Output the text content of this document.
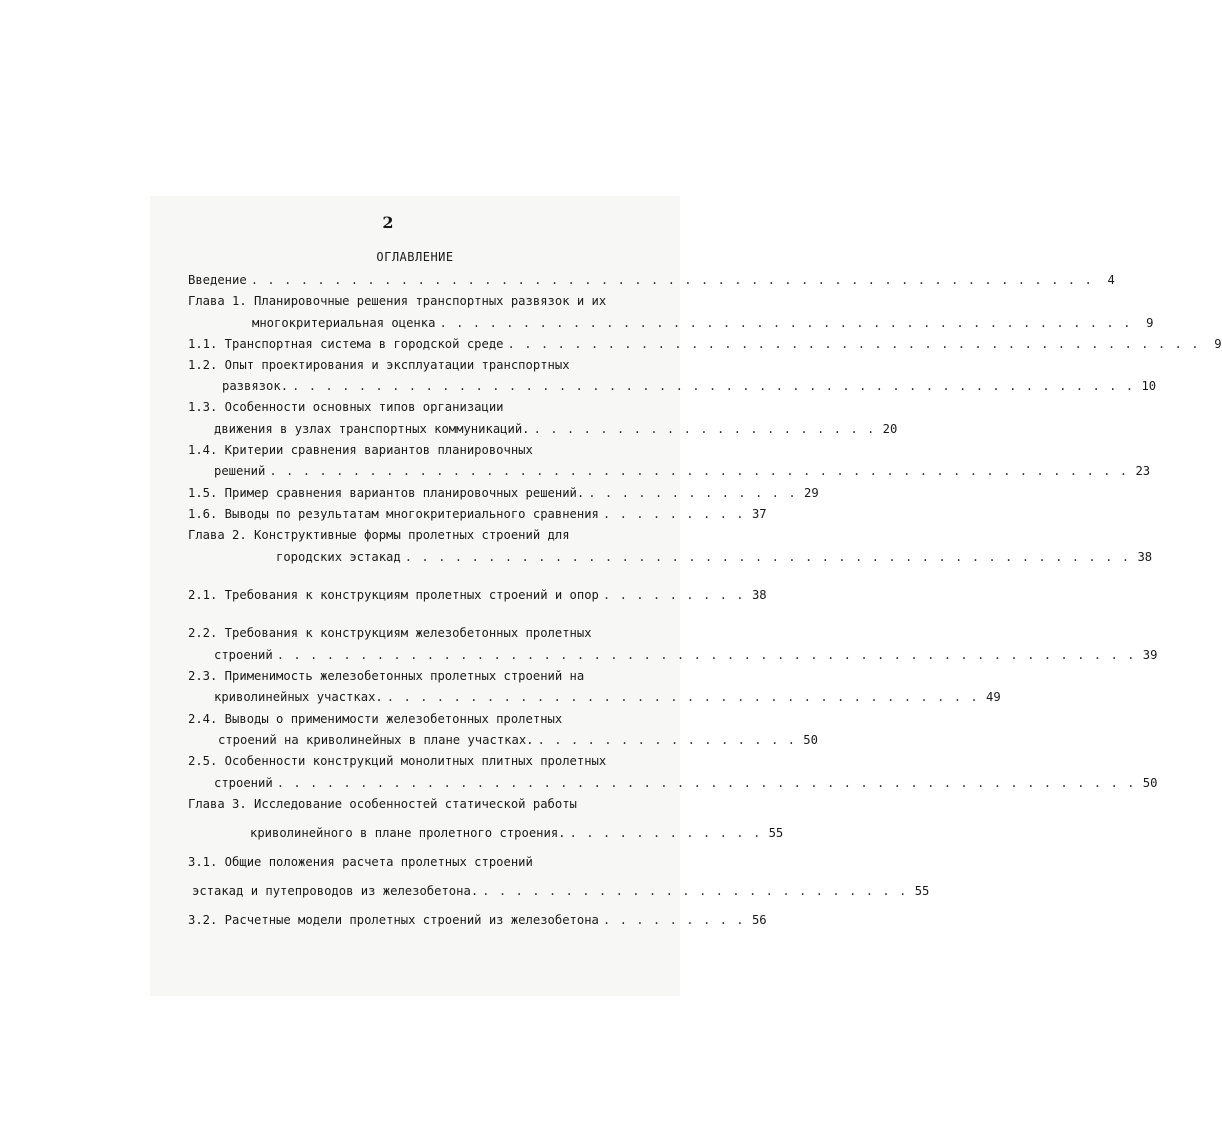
2
ОГЛАВЛЕНИЕ
Введение . . . . . . . . . . . . . . . . . . . . . . . . . . . . . . . . . . . . . . . . . . . . . . . . . . .	4
Глава 1. Планировочные решения транспортных развязок и их
многокритериальная оценка . . . . . . . . . . . . . . . . . . . . . . . . . . . . . . . . . . . . . . . . . .	9
1.1. Транспортная система в городской среде . . . . . . . . . . . . . . . . . . . . . . . . . . . . . . . . . . . . . . . . . .	9
1.2. Опыт проектирования и эксплуатации транспортных
развязок. . . . . . . . . . . . . . . . . . . . . . . . . . . . . . . . . . . . . . . . . . . . . . . . . . . . 10
1.3. Особенности основных типов организации
движения в узлах транспортных коммуникаций. . . . . . . . . . . . . . . . . . . . . . 20
1.4. Критерии сравнения вариантов планировочных
решений . . . . . . . . . . . . . . . . . . . . . . . . . . . . . . . . . . . . . . . . . . . . . . . . . . . . 23
1.5. Пример сравнения вариантов планировочных решений. . . . . . . . . . . . . . 29
1.6. Выводы по результатам многокритериального сравнения . . . . . . . . . 37
Глава 2. Конструктивные формы пролетных строений для
городских эстакад . . . . . . . . . . . . . . . . . . . . . . . . . . . . . . . . . . . . . . . . . . . . 38
2.1. Требования к конструкциям пролетных строений и опор . . . . . . . . . 38
2.2. Требования к конструкциям железобетонных пролетных
строений . . . . . . . . . . . . . . . . . . . . . . . . . . . . . . . . . . . . . . . . . . . . . . . . . . . . 39
2.3. Применимость железобетонных пролетных строений на
криволинейных участках. . . . . . . . . . . . . . . . . . . . . . . . . . . . . . . . . . . . . 49
2.4. Выводы о применимости железобетонных пролетных
строений на криволинейных в плане участках. . . . . . . . . . . . . . . . . 50
2.5. Особенности конструкций монолитных плитных пролетных
строений . . . . . . . . . . . . . . . . . . . . . . . . . . . . . . . . . . . . . . . . . . . . . . . . . . . . 50
Глава 3. Исследование особенностей статической работы
криволинейного в плане пролетного строения. . . . . . . . . . . . . 55
3.1. Общие положения расчета пролетных строений
эстакад и путепроводов из железобетона. . . . . . . . . . . . . . . . . . . . . . . . . . . 55
3.2. Расчетные модели пролетных строений из железобетона . . . . . . . . . 56
